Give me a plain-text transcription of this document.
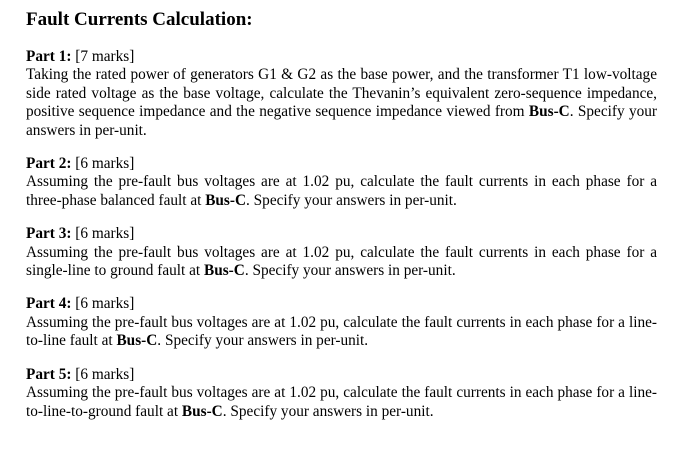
Fault Currents Calculation:

Part 1: [7 marks]

Taking the rated power of generators G1 & G2 as the base power, and the transformer T1 low-voltage side rated voltage as the base voltage, calculate the Thevanin’s equivalent zero-sequence impedance, positive sequence impedance and the negative sequence impedance viewed from Bus-C. Specify your answers in per-unit.

Part 2: [6 marks]

Assuming the pre-fault bus voltages are at 1.02 pu, calculate the fault currents in each phase for a three-phase balanced fault at Bus-C. Specify your answers in per-unit.

Part 3: [6 marks]

Assuming the pre-fault bus voltages are at 1.02 pu, calculate the fault currents in each phase for a single-line to ground fault at Bus-C. Specify your answers in per-unit.

Part 4: [6 marks]

Assuming the pre-fault bus voltages are at 1.02 pu, calculate the fault currents in each phase for a line-to-line fault at Bus-C. Specify your answers in per-unit.

Part 5: [6 marks]

Assuming the pre-fault bus voltages are at 1.02 pu, calculate the fault currents in each phase for a line-to-line-to-ground fault at Bus-C. Specify your answers in per-unit.
